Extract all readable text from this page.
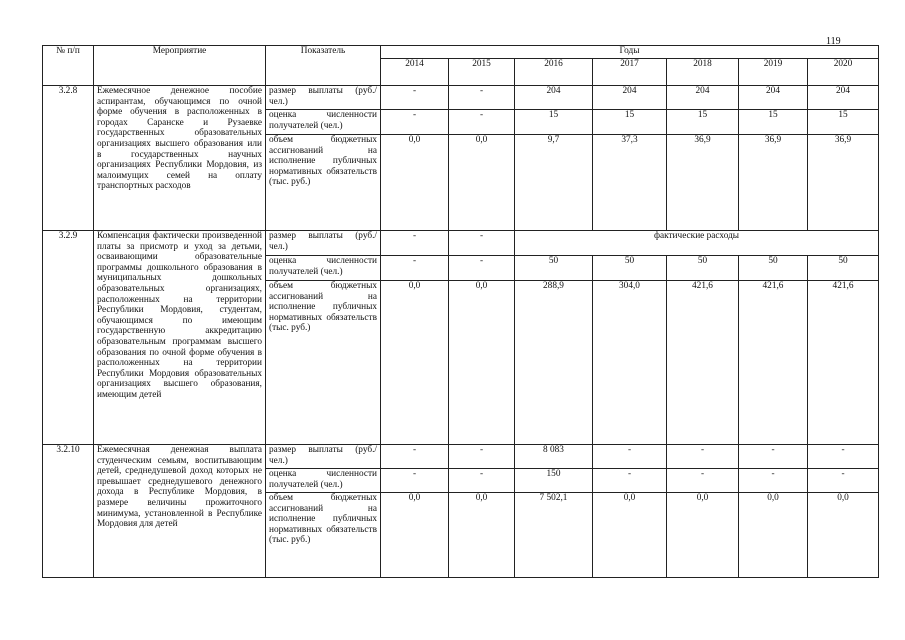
119
№ п/п	Мероприятие	Показатель	Годы						
			2014	2015	2016	2017	2018	2019	2020
3.2.8	Ежемесячное денежное пособие аспирантам, обучающимся по очной форме обучения в расположенных в городах Саранске и Рузаевке государственных образовательных организациях высшего образования или в государственных научных организациях Республики Мордовия, из малоимущих семей на оплату транспортных расходов	размер выплаты (руб./ чел.)	-	-	204	204	204	204	204
		оценка численности получателей (чел.)	-	-	15	15	15	15	15
		объем бюджетных ассигнований на исполнение публичных нормативных обязательств (тыс. руб.)	0,0	0,0	9,7	37,3	36,9	36,9	36,9
3.2.9	Компенсация фактически произведенной платы за присмотр и уход за детьми, осваивающими образовательные программы дошкольного образования в муниципальных дошкольных образовательных организациях, расположенных на территории Республики Мордовия, студентам, обучающимся по имеющим государственную аккредитацию образовательным программам высшего образования по очной форме обучения в расположенных на территории Республики Мордовия образовательных организациях высшего образования, имеющим детей	размер выплаты (руб./ чел.)	-	-	фактические расходы				
		оценка численности получателей (чел.)	-	-	50	50	50	50	50
		объем бюджетных ассигнований на исполнение публичных нормативных обязательств (тыс. руб.)	0,0	0,0	288,9	304,0	421,6	421,6	421,6
3.2.10	Ежемесячная денежная выплата студенческим семьям, воспитывающим детей, среднедушевой доход которых не превышает среднедушевого денежного дохода в Республике Мордовия, в размере величины прожиточного минимума, установленной в Республике Мордовия для детей	размер выплаты (руб./ чел.)	-	-	8 083	-	-	-	-
		оценка численности получателей (чел.)	-	-	150	-	-	-	-
		объем бюджетных ассигнований на исполнение публичных нормативных обязательств (тыс. руб.)	0,0	0,0	7 502,1	0,0	0,0	0,0	0,0
